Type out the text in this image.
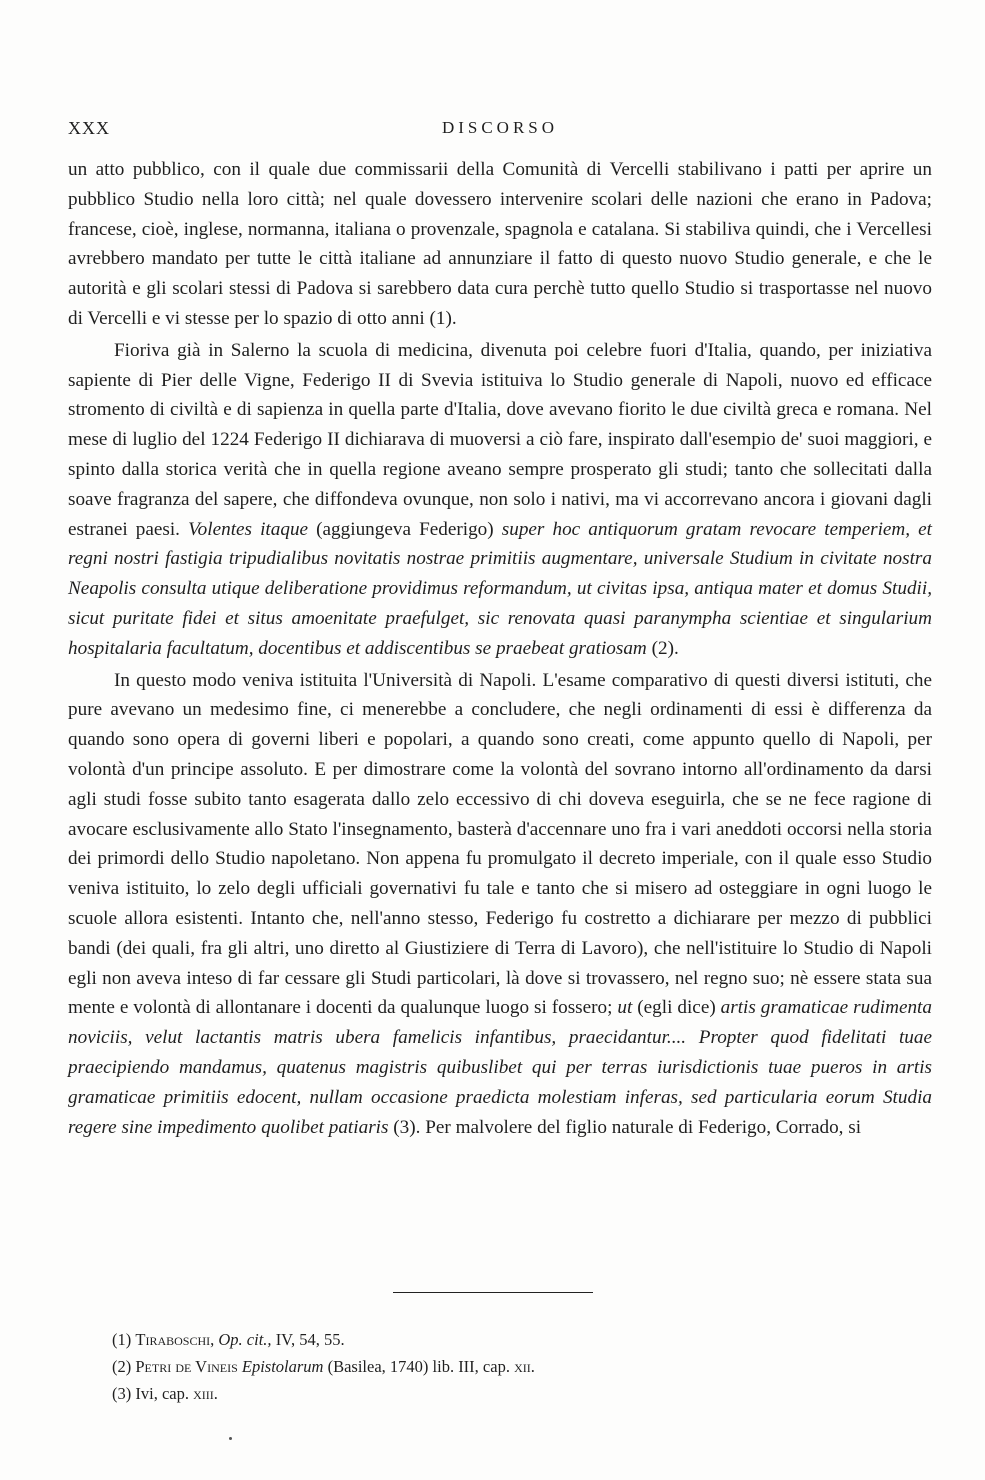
XXX	DISCORSO

un atto pubblico, con il quale due commissarii della Comunità di Vercelli stabilivano i patti per aprire un pubblico Studio nella loro città; nel quale dovessero intervenire scolari delle nazioni che erano in Padova; francese, cioè, inglese, normanna, italiana o provenzale, spagnola e catalana. Si stabiliva quindi, che i Vercellesi avrebbero mandato per tutte le città italiane ad annunziare il fatto di questo nuovo Studio generale, e che le autorità e gli scolari stessi di Padova si sarebbero data cura perchè tutto quello Studio si trasportasse nel nuovo di Vercelli e vi stesse per lo spazio di otto anni (1).

Fioriva già in Salerno la scuola di medicina, divenuta poi celebre fuori d'Italia, quando, per iniziativa sapiente di Pier delle Vigne, Federigo II di Svevia istituiva lo Studio generale di Napoli, nuovo ed efficace stromento di civiltà e di sapienza in quella parte d'Italia, dove avevano fiorito le due civiltà greca e romana. Nel mese di luglio del 1224 Federigo II dichiarava di muoversi a ciò fare, inspirato dall'esempio de' suoi maggiori, e spinto dalla storica verità che in quella regione aveano sempre prosperato gli studi; tanto che sollecitati dalla soave fragranza del sapere, che diffondeva ovunque, non solo i nativi, ma vi accorrevano ancora i giovani dagli estranei paesi. Volentes itaque (aggiungeva Federigo) super hoc antiquorum gratam revocare temperiem, et regni nostri fastigia tripudialibus novitatis nostrae primitiis augmentare, universale Studium in civitate nostra Neapolis consulta utique deliberatione providimus reformandum, ut civitas ipsa, antiqua mater et domus Studii, sicut puritate fidei et situs amoenitate praefulget, sic renovata quasi paranympha scientiae et singularium hospitalaria facultatum, docentibus et addiscentibus se praebeat gratiosam (2).

In questo modo veniva istituita l'Università di Napoli. L'esame comparativo di questi diversi istituti, che pure avevano un medesimo fine, ci menerebbe a concludere, che negli ordinamenti di essi è differenza da quando sono opera di governi liberi e popolari, a quando sono creati, come appunto quello di Napoli, per volontà d'un principe assoluto. E per dimostrare come la volontà del sovrano intorno all'ordinamento da darsi agli studi fosse subito tanto esagerata dallo zelo eccessivo di chi doveva eseguirla, che se ne fece ragione di avocare esclusivamente allo Stato l'insegnamento, basterà d'accennare uno fra i vari aneddoti occorsi nella storia dei primordi dello Studio napoletano. Non appena fu promulgato il decreto imperiale, con il quale esso Studio veniva istituito, lo zelo degli ufficiali governativi fu tale e tanto che si misero ad osteggiare in ogni luogo le scuole allora esistenti. Intanto che, nell'anno stesso, Federigo fu costretto a dichiarare per mezzo di pubblici bandi (dei quali, fra gli altri, uno diretto al Giustiziere di Terra di Lavoro), che nell'istituire lo Studio di Napoli egli non aveva inteso di far cessare gli Studi particolari, là dove si trovassero, nel regno suo; nè essere stata sua mente e volontà di allontanare i docenti da qualunque luogo si fossero; ut (egli dice) artis gramaticae rudimenta noviciis, velut lactantis matris ubera famelicis infantibus, praecidantur.... Propter quod fidelitati tuae praecipiendo mandamus, quatenus magistris quibuslibet qui per terras iurisdictionis tuae pueros in artis gramaticae primitiis edocent, nullam occasione praedicta molestiam inferas, sed particularia eorum Studia regere sine impedimento quolibet patiaris (3). Per malvolere del figlio naturale di Federigo, Corrado, si

(1) Tiraboschi, Op. cit., IV, 54, 55.
(2) Petri de Vineis Epistolarum (Basilea, 1740) lib. III, cap. xii.
(3) Ivi, cap. xiii.
